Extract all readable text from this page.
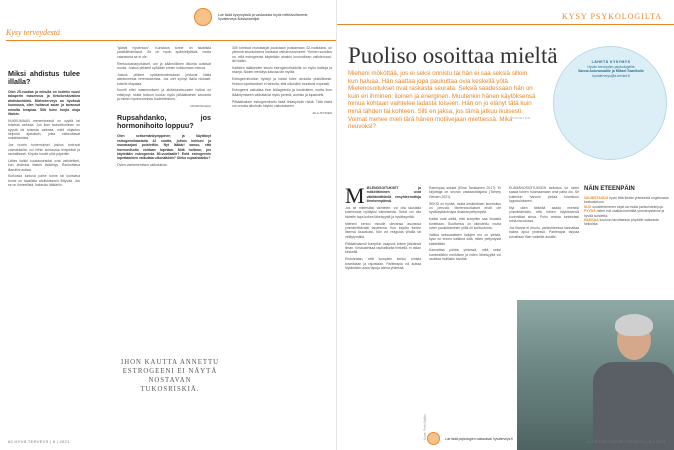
Kysy terveydestä
Lue lisää kysymyksiä ja vastauksia myös nettisivuiltamme, hyvaterveys.fi/asiantuntijat
Miksi ahdistus tulee illalla?

Olen 25-vuotias ja minulla on todettu vuosi takaperin masennus ja tieto/keskivaikea ahdistushäiriö. Mielenterveys on hyvässä kunnossa, olen hoitanut asian ja tavannut minulta terapiaa. Silti tulee kurjia oloja iltaisin.

NUKKUMAAN menemisessä on syyttä tai toisesta vaikeaa. Jos illan rauhoittuminen on syystä tai toisesta vaikeaa, mieli ohjautuu helposti ajatuksiin, jotka vaikeuttavat nukahtamista.

Jos nuorin tuntemukset joskus tuntuvat voimakkailta, voi niihin suhtautua lempeästi ja rauhallisesti. Kirjoita huolet ylös paperille.

Lähes kaikki kuukausiraidat ovat vaihdelleet, kun ahdistus iltaisin lisääntyy. Rauhoittava iltarutiini auttaa.

Kurkussa tuntuva paine tunne tai kuristava tunne on tavallista ahdistukseen liittyvää. Jos se on ihmeellistä, hakeudu lääkäriin.

”global hysterious”. Kuristava tunne on tavallista paniikkihäiriössä. Se on hyvin epämiellyttävä, mutta vaaratonta se ei ole.

Rentoutusharjoitukset, uni ja säännöllinen liikunta auttavat monia. Joskus pilkkeet syödään ennen nukkumaan menoa.

Joskus pillkeet syödäntuntemukset johtuvat illalla alentuneesta verensokerista. Jos olet syönyt illalla niukasti, kokeile iltapalaa.

Kuoriit ettei masennuksen ja ahdistuneisuuden hoitoa on edistynyt, mutta hoitoon kuuluu myös pitkäaikainen seuranta ja mielen hyvinvoinnista huolehtiminen.

MICROSOHAA

Rupsahdanko, jos hormonihoito loppuu?

Olen seitsemänkymppinen ja käyttänyt estrogeenilaastaria 42 vuotta, jolloin kohtuni ja munasarjani poistettiin. Nyt lääkäri sanoo, että hormonihoito voidaan lopettaa. Mitä hoitoon, jos käytetään estrogeenia 80-vuotiaalle? Entä estrogeenin lopettaminen vaikuttaa ulkonäköön? Oleko rupsahdanko?

Ovien vanhenemisen vaikutuksia.

305 toimivat munasarjat joudutaan poistamaan 42-vuotiaana, on yleensä seurauksena hankalat vaihdevuosioireet. Yleinen suositus on, että estrogeenia käytetään ainakin luonnollisen vaihdevuosi-iän ikään.

Kaikkien lääkkeiden tavoin estrogeenihoidolla on myös haittoja ja riskejä. Niiden merkitys kasvaa iän myötä.

Estrogeenihoidon hyödyt ja haitat tulee arvioida yksilöllisesti. Hoidon lopettaminen ei tarkoita, että ulkonäkö muuttuisi nopeasti.

Estrogeeni vaikuttaa ihon kollageeniin ja kosteuteen, mutta ihon ikääntymiseen vaikuttavat myös perimä, aurinko ja tupakointi.

Pitkäaikainen estrogeenihoito lisää rintasyövän riskiä. Tätä riskiä voi verrata alkoholin käytön vaikutukseen.

AILA TIITINEN

IHON KAUTTA ANNETTU ESTROGEENI EI NÄYTÄ NOSTAVAN TUKOSRISKIÄ.
60 HYVÄ TERVEYS | 8 | 2021
KYSY PSYKOLOGILTA
Puoliso osoittaa mieltä
Mieheni mököttää, jos ei seksi onnistu tai hän ei saa seksiä silloin kun haluaa. Hän saattaa jopa paukuttaa ovia keskellä yötä. Mielenosoitukset ovat raskasta seurata. Seksiä saadessaan hän on kuin eri ihminen: iloinen ja energinen. Muutenkin hänen käytöksensä minua kohtaan vaihtelee ladasta toiseen. Hän on jo elänyt tätä kuin minä tähden tai kohteen. Silti en jaksa, jos tämä jatkuu ikuisesti. Voimat menee mieli tärä hänen motiivejaan miettiessä. Mikä neuvoksi?
YOHHTOS
LÄHETÄ KYSYMYS
Hyvän terveyden psykologeille
Sanna Aukeamaalle ja Mikael Saarikolle
hyvaterveys@a-lehdet.fi

MIELENOSOITUKSET ja mököttäminen ovat väkitämättömiä ensyhteenottoja ilmeisempänsä.

Jos se mielestäsi vaihtelee, voi olla taustalla kokemusta hylätyksi tulemisesta. Seksi voi olla hänelle tapa kokea läheisyyttä ja hyväksyntää.

Mieheni kertoo minulle olevansa asuntosa ymmärrettävästi tarpeensa. Kun torjuttu tuntee itsensä loukatuksi, hän voi reagoida vihalla tai vetäytymällä.

Pitkäaikaisesti kumpikin osapuoli kokee jäävänsä ilman. Keskustelkaa rauhallisella hetkellä, ei riidan keskellä.

Ehdotetaan, että kumpikin kertoo omista toiveistaan ja rajoistaan. Pariterapia voi auttaa löytämään uusia tapoja toimia yhdessä.

Rammpaa seksiä (Elina Tanskanen 2017). Ei kirjoittaja on seuran vastaanottajana (Tommy Helsten 2021).

SEKSI on hyvää, mutta keskinäinen kunnioitus on perusta. Mielenosoitukset eivät ole hyväksyttävä tapa ilmaista pettymystä.

Kaikki ovat sieltä, että kumpikin saa ilmaista tunteitaan. Suuttumus on oikeutettu, mutta ovien paukuttaminen yöllä on kohtuutonta.

Vaikka seksuaalisten halujen ero on yleistä, kyse on ennen kaikkea siitä, miten pettymystä käsitellään.

Kannattaa pohtia yhdessä, mitä seksi kummallekin merkitsee ja miten läheisyyttä voi osoittaa muillakin tavoilla.

ELÄMÄNOSIOITUKSEN tarkoitus on usein saada toinen huomaamaan oma paha olo. Se kuitenkin harvoin johtaa toivottuun lopputulokseen.

Nyt ollen tärkeää saada miehesi ymmärtämään, että hänen käytöksensä kuormittaa sinua. Puhu omista tunteistasi minä-muodossa.

Jos tilanne ei muutu, parisuhteessa kannattaa hakea apua yhdessä. Pariterapia tarjoaa turvallisen tilan vaikeille asioille.

Kuva: Petri Mylläri
NÄIN ETEENPÄIN
VALMISTAUDU hyvin tätä tiedän yhteisestä ongelmasta keskusteluun.
SUO suosittelemmen kirjat ka muita parisuhdekirjoja.
PYYDÄ miten voit osaltasi kehittää ymmärrystänne ja hyvää suhdetta.
HAKKAA kouluun tarvittaessa pöydälle vaikeasta heikoista.
Lue lisää psykologien vastauksia: hyvaterveys.fi
A-LEHDET HYVÄ TERVEYS | 8 | 2021
